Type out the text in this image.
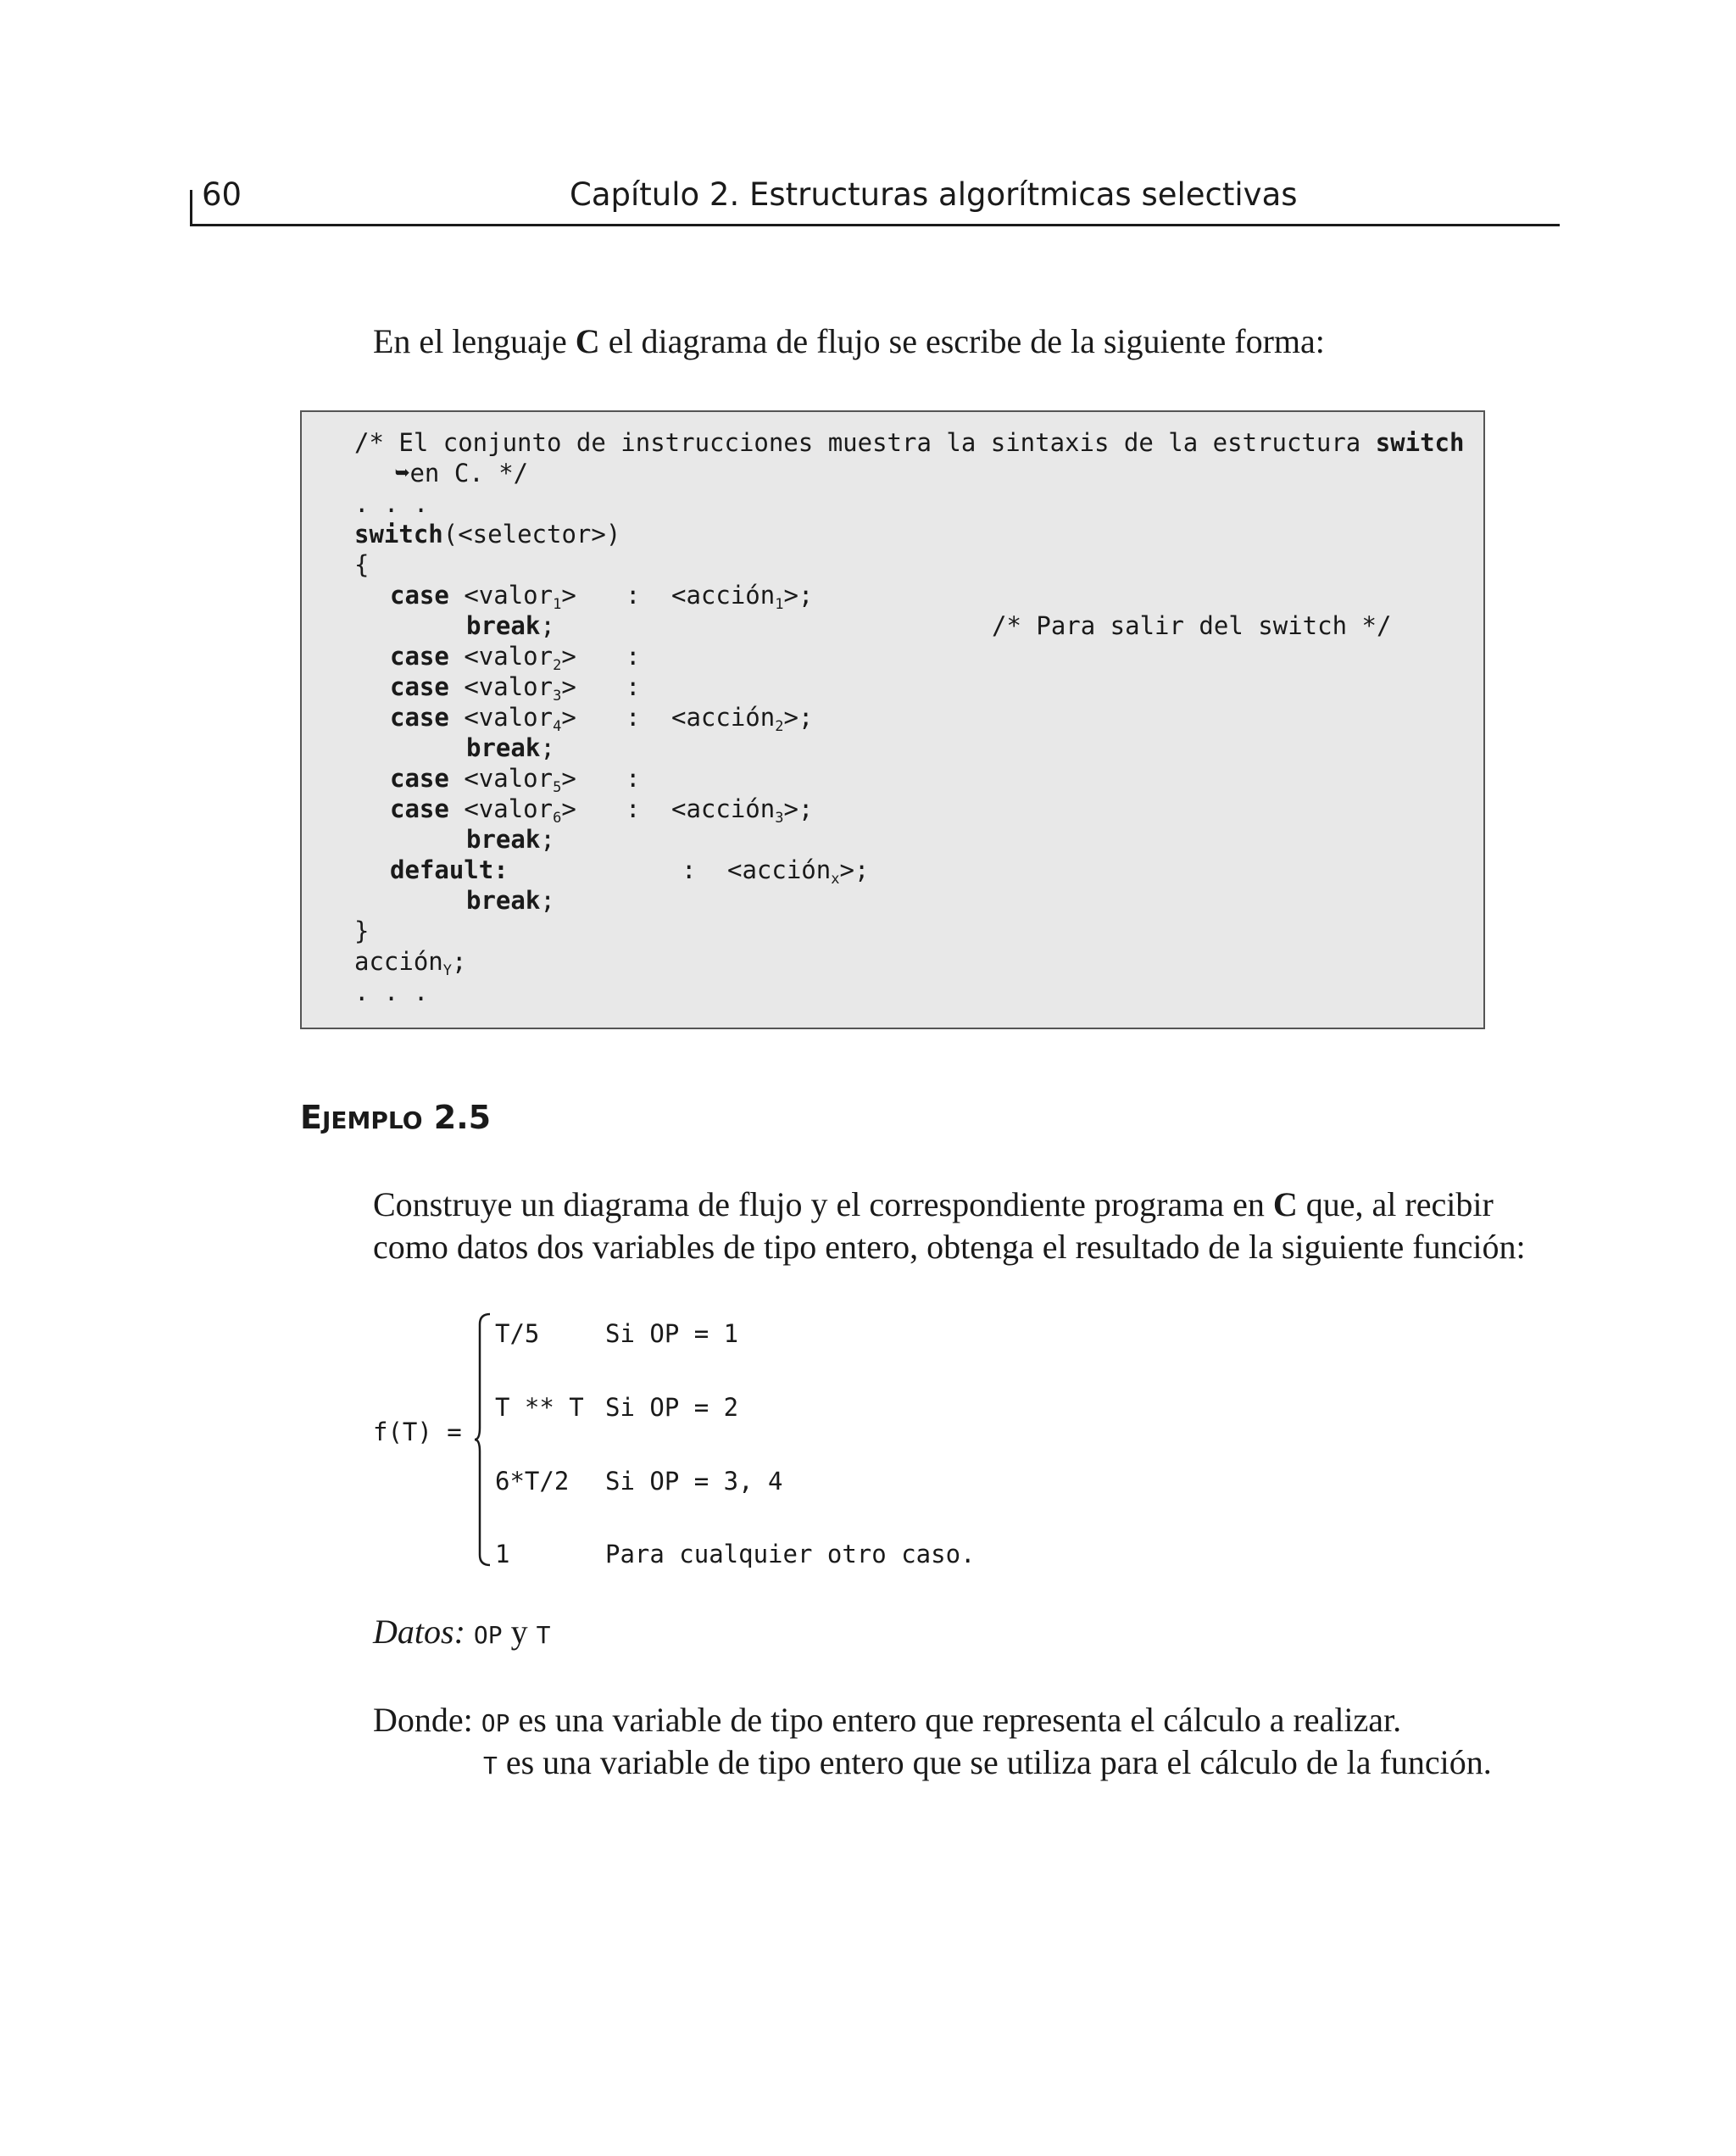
60	Capítulo 2. Estructuras algorítmicas selectivas
En el lenguaje C el diagrama de flujo se escribe de la siguiente forma:
/* El conjunto de instrucciones muestra la sintaxis de la estructura switch
➥en C. */
. . .
switch(<selector>)
{
case <valor$_1$> : <acción$_1$>;
break;	/* Para salir del switch */
case <valor$_2$> :
case <valor$_3$> :
case <valor$_4$> : <acción$_2$>;
break;
case <valor$_5$> :
case <valor$_6$> : <acción$_3$>;
break;
default:	: <acción$_x$>;
break;
}
acción$_Y$;
. . .
EJEMPLO 2.5
Construye un diagrama de flujo y el correspondiente programa en C que, al recibir
como datos dos variables de tipo entero, obtenga el resultado de la siguiente función:
f(T) =
T/5	Si OP = 1
T ** T Si OP = 2
6*T/2 Si OP = 3, 4
1	Para cualquier otro caso.
Datos: OP y T
Donde: OP es una variable de tipo entero que representa el cálculo a realizar.
T es una variable de tipo entero que se utiliza para el cálculo de la función.
